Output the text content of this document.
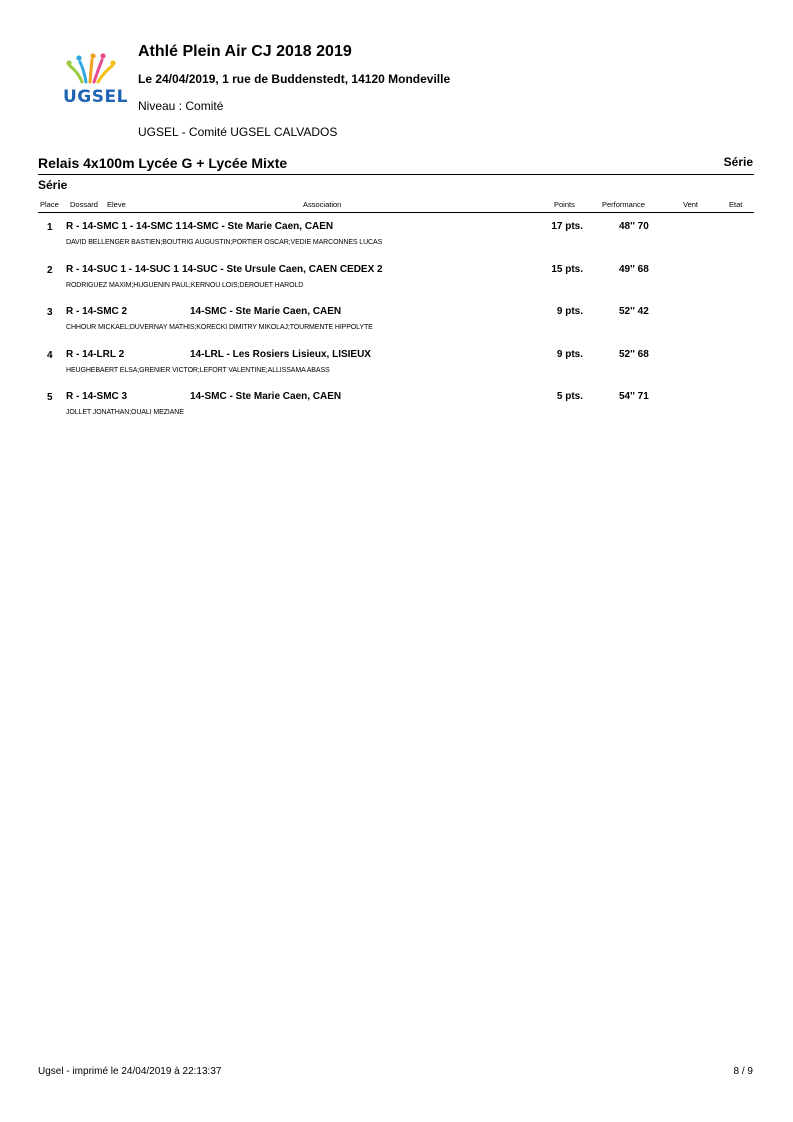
UGSEL
Athlé Plein Air CJ 2018 2019
Le 24/04/2019, 1 rue de Buddenstedt, 14120 Mondeville
Niveau : Comité
UGSEL - Comité UGSEL CALVADOS
Relais 4x100m Lycée G + Lycée Mixte	Série
Série
Place Dossard Eleve	Association	Points	Performance	Vent	Etat
1 R - 14-SMC 1 - 14-SMC 1 14-SMC - Ste Marie Caen, CAEN	17 pts.	48'' 70
DAVID BELLENGER BASTIEN;BOUTRIG AUGUSTIN;PORTIER OSCAR;VEDIE MARCONNES LUCAS
2 R - 14-SUC 1 - 14-SUC 1 14-SUC - Ste Ursule Caen, CAEN CEDEX 2	15 pts.	49'' 68
RODRIGUEZ MAXIM;HUGUENIN PAUL;KERNOU LOIS;DEROUET HAROLD
3 R - 14-SMC 2	14-SMC - Ste Marie Caen, CAEN	9 pts.	52'' 42
CHHOUR MICKAEL;DUVERNAY MATHIS;KORECKI DIMITRY MIKOLAJ;TOURMENTE HIPPOLYTE
4 R - 14-LRL 2	14-LRL - Les Rosiers Lisieux, LISIEUX	9 pts.	52'' 68
HEUGHEBAERT ELSA;GRENIER VICTOR;LEFORT VALENTINE;ALLISSAMA ABASS
5 R - 14-SMC 3	14-SMC - Ste Marie Caen, CAEN	5 pts.	54'' 71
JOLLET JONATHAN;OUALI MEZIANE
Ugsel - imprimé le 24/04/2019 à 22:13:37	8 / 9
